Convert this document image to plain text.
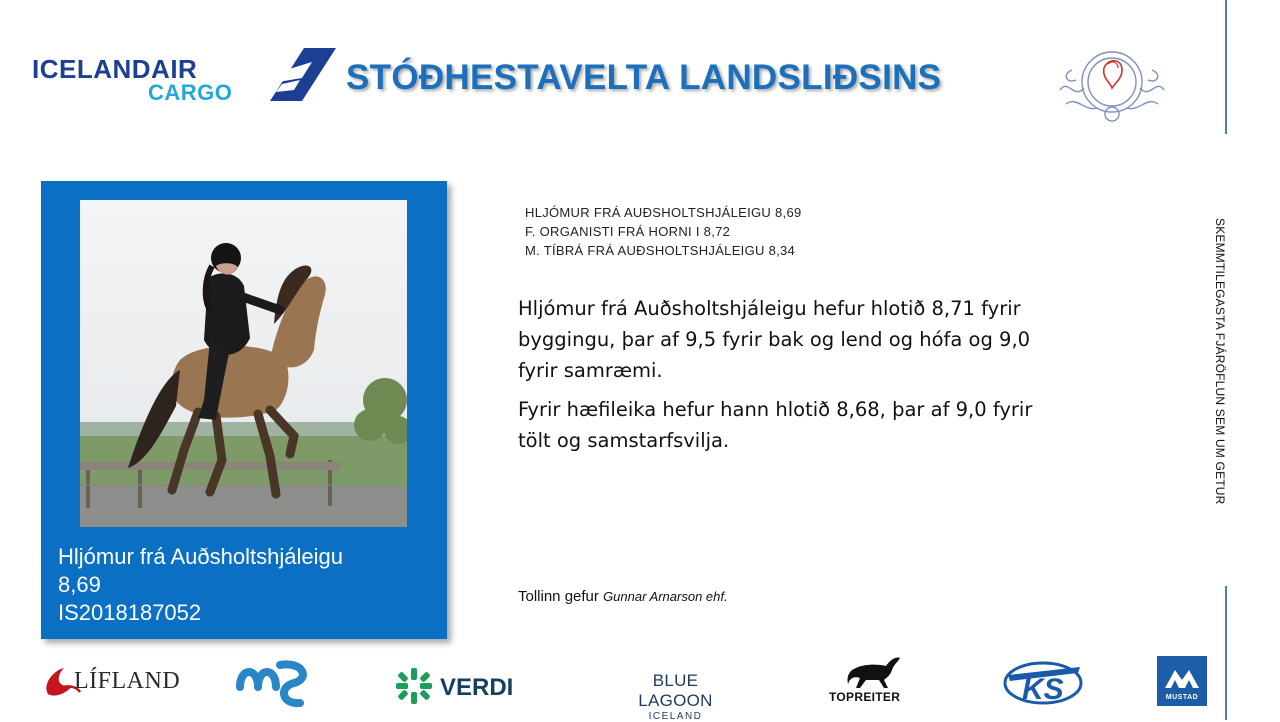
ICELANDAIR
CARGO	STÓÐHESTAVELTA LANDSLIÐSINS
SKEMMTILEGASTA FJÁRÖFLUN SEM UM GETUR
Hljómur frá Auðsholtshjáleigu
8,69
IS2018187052
HLJÓMUR FRÁ AUÐSHOLTSHJÁLEIGU 8,69
F. ORGANISTI FRÁ HORNI I 8,72
M. TÍBRÁ FRÁ AUÐSHOLTSHJÁLEIGU 8,34

Hljómur frá Auðsholtshjáleigu hefur hlotið 8,71 fyrir byggingu, þar af 9,5 fyrir bak og lend og hófa og 9,0 fyrir samræmi.

Fyrir hæfileika hefur hann hlotið 8,68, þar af 9,0 fyrir tölt og samstarfsvilja.

Tollinn gefur Gunnar Arnarson ehf.
LÍFLAND	VERDI	BLUE LAGOON
ICELAND
TOPREITER	KS	MUSTAD
